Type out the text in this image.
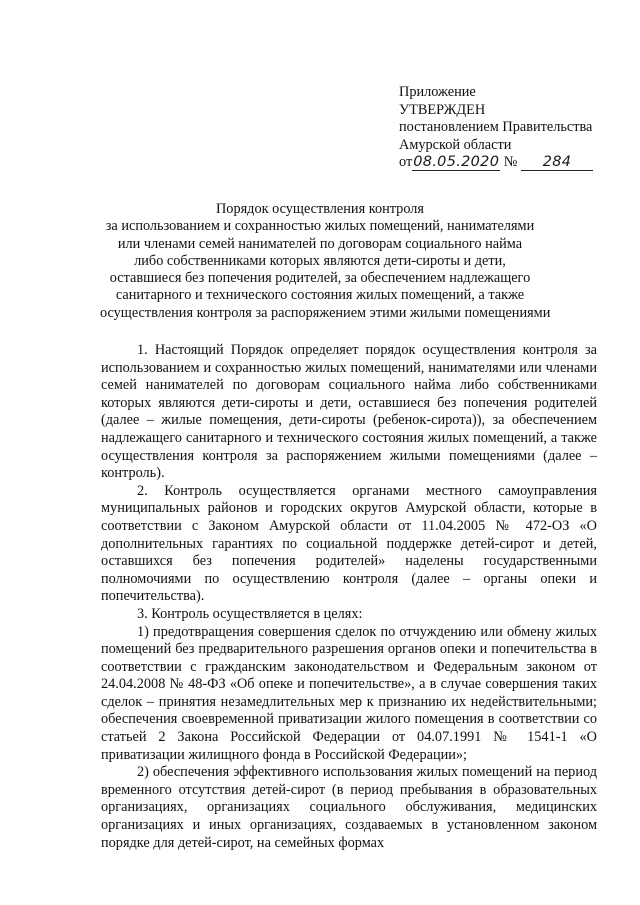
Приложение
УТВЕРЖДЕН
постановлением Правительства
Амурской области
от08.05.2020 № 284
Порядок осуществления контроля
за использованием и сохранностью жилых помещений, нанимателями
или членами семей нанимателей по договорам социального найма
либо собственниками которых являются дети-сироты и дети,
оставшиеся без попечения родителей, за обеспечением надлежащего
санитарного и технического состояния жилых помещений, а также
осуществления контроля за распоряжением этими жилыми помещениями

1. Настоящий Порядок определяет порядок осуществления контроля за использованием и сохранностью жилых помещений, нанимателями или членами семей нанимателей по договорам социального найма либо собственниками которых являются дети-сироты и дети, оставшиеся без попечения родителей (далее – жилые помещения, дети-сироты (ребенок-сирота)), за обеспечением надлежащего санитарного и технического состояния жилых помещений, а также осуществления контроля за распоряжением жилыми помещениями (далее – контроль).

2. Контроль осуществляется органами местного самоуправления муниципальных районов и городских округов Амурской области, которые в соответствии с Законом Амурской области от 11.04.2005 № 472-ОЗ «О дополнительных гарантиях по социальной поддержке детей-сирот и детей, оставшихся без попечения родителей» наделены государственными полномочиями по осуществлению контроля (далее – органы опеки и попечительства).

3. Контроль осуществляется в целях:

1) предотвращения совершения сделок по отчуждению или обмену жилых помещений без предварительного разрешения органов опеки и попечительства в соответствии с гражданским законодательством и Федеральным законом от 24.04.2008 № 48-ФЗ «Об опеке и попечительстве», а в случае совершения таких сделок – принятия незамедлительных мер к признанию их недействительными; обеспечения своевременной приватизации жилого помещения в соответствии со статьей 2 Закона Российской Федерации от 04.07.1991 № 1541-1 «О приватизации жилищного фонда в Российской Федерации»;

2) обеспечения эффективного использования жилых помещений на период временного отсутствия детей-сирот (в период пребывания в образовательных организациях, организациях социального обслуживания, медицинских организациях и иных организациях, создаваемых в установленном законом порядке для детей-сирот, на семейных формах
